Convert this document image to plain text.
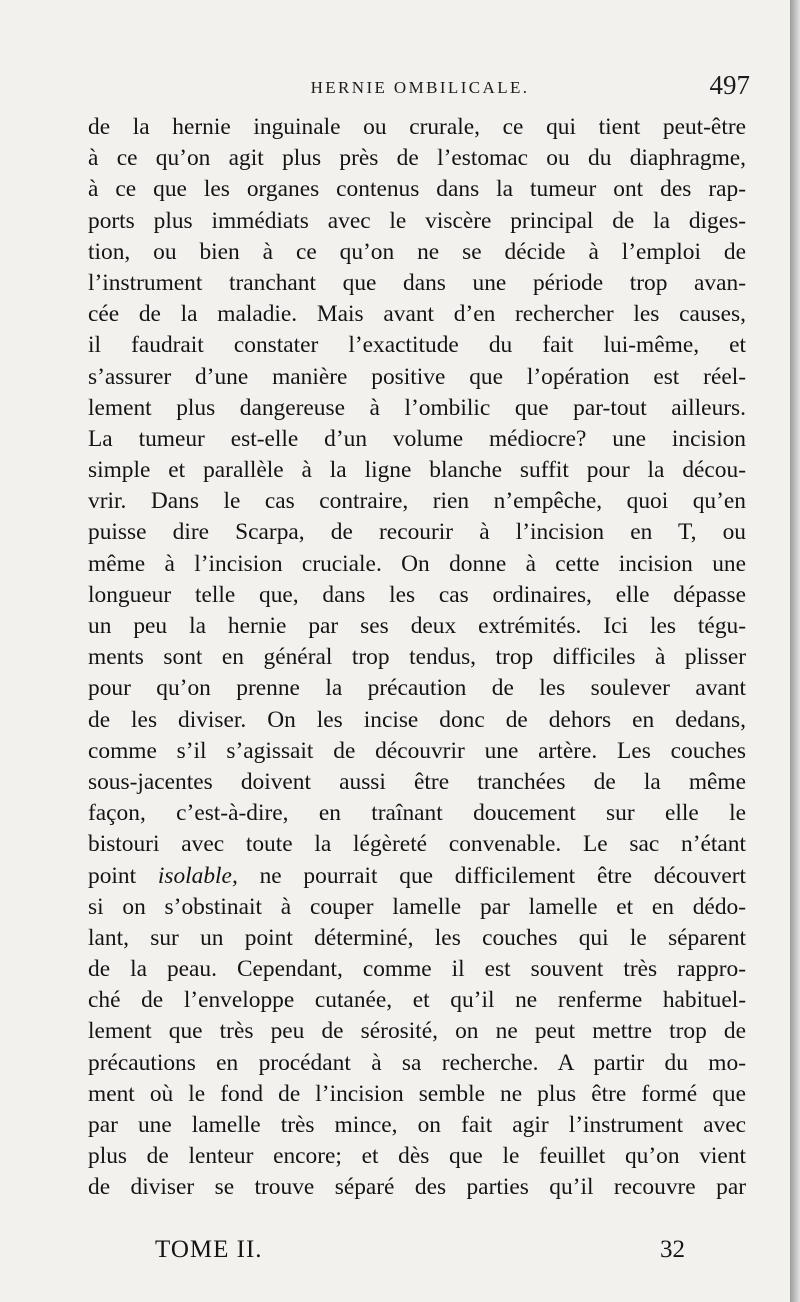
HERNIE OMBILICALE.	497
de la hernie inguinale ou crurale, ce qui tient peut-être
à ce qu’on agit plus près de l’estomac ou du diaphragme,
à ce que les organes contenus dans la tumeur ont des rap-
ports plus immédiats avec le viscère principal de la diges-
tion, ou bien à ce qu’on ne se décide à l’emploi de
l’instrument tranchant que dans une période trop avan-
cée de la maladie. Mais avant d’en rechercher les causes,
il faudrait constater l’exactitude du fait lui-même, et
s’assurer d’une manière positive que l’opération est réel-
lement plus dangereuse à l’ombilic que par-tout ailleurs.
La tumeur est-elle d’un volume médiocre? une incision
simple et parallèle à la ligne blanche suffit pour la décou-
vrir. Dans le cas contraire, rien n’empêche, quoi qu’en
puisse dire Scarpa, de recourir à l’incision en T, ou
même à l’incision cruciale. On donne à cette incision une
longueur telle que, dans les cas ordinaires, elle dépasse
un peu la hernie par ses deux extrémités. Ici les tégu-
ments sont en général trop tendus, trop difficiles à plisser
pour qu’on prenne la précaution de les soulever avant
de les diviser. On les incise donc de dehors en dedans,
comme s’il s’agissait de découvrir une artère. Les couches
sous-jacentes doivent aussi être tranchées de la même
façon, c’est-à-dire, en traînant doucement sur elle le
bistouri avec toute la légèreté convenable. Le sac n’étant
point isolable, ne pourrait que difficilement être découvert
si on s’obstinait à couper lamelle par lamelle et en dédo-
lant, sur un point déterminé, les couches qui le séparent
de la peau. Cependant, comme il est souvent très rappro-
ché de l’enveloppe cutanée, et qu’il ne renferme habituel-
lement que très peu de sérosité, on ne peut mettre trop de
précautions en procédant à sa recherche. A partir du mo-
ment où le fond de l’incision semble ne plus être formé que
par une lamelle très mince, on fait agir l’instrument avec
plus de lenteur encore; et dès que le feuillet qu’on vient
de diviser se trouve séparé des parties qu’il recouvre par
TOME II.	32
